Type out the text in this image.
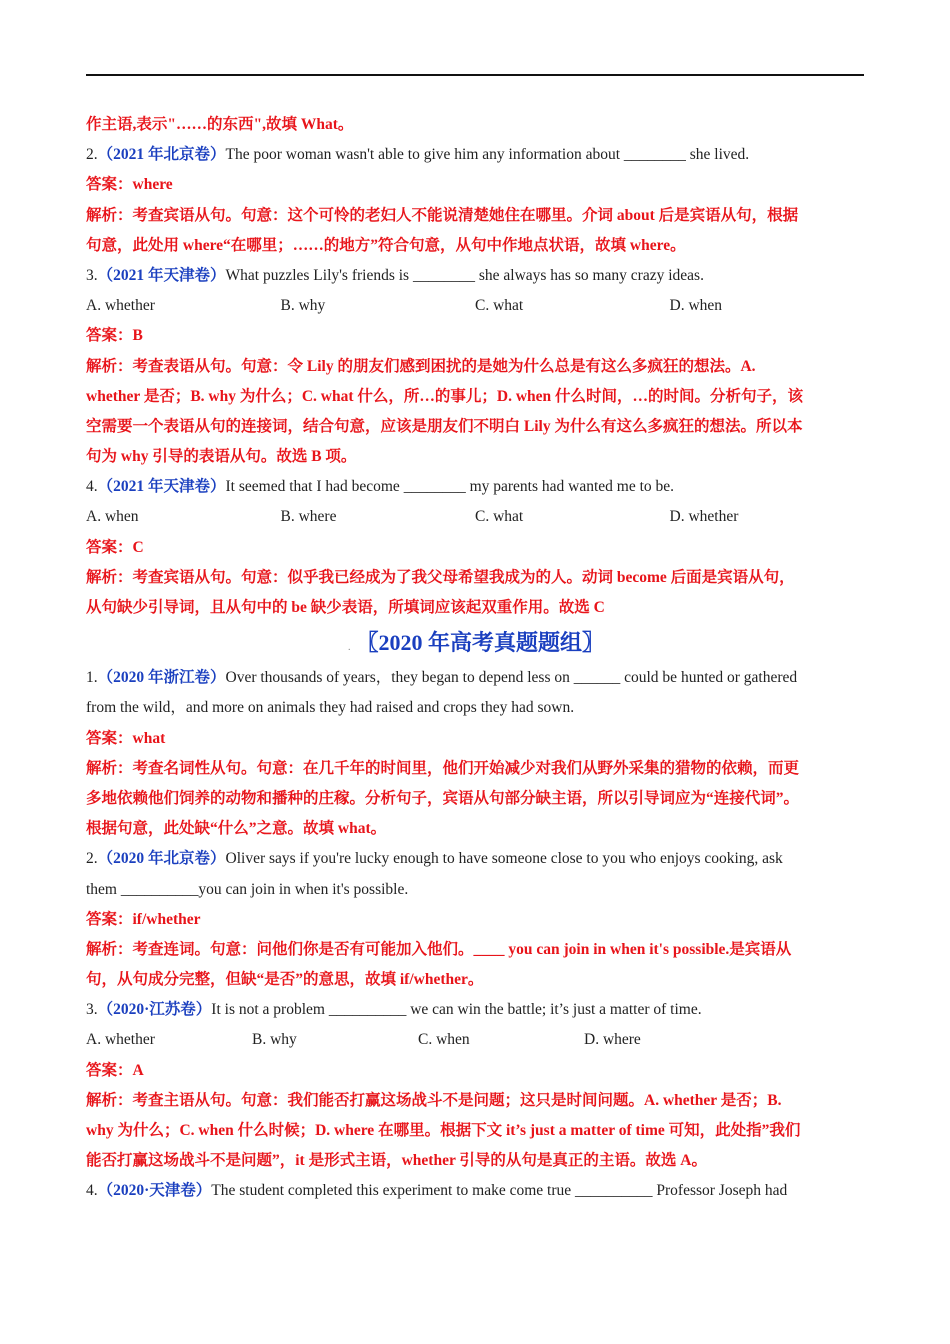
作主语,表示"……的东西",故填 What。
2.（2021 年北京卷）The poor woman wasn't able to give him any information about ________ she lived.
答案：where
解析：考查宾语从句。句意：这个可怜的老妇人不能说清楚她住在哪里。介词 about 后是宾语从句，根据
句意，此处用 where“在哪里；……的地方”符合句意，从句中作地点状语，故填 where。
3.（2021 年天津卷）What puzzles Lily's friends is ________ she always has so many crazy ideas.
A. whether	B. why	C. what	D. when
答案：B
解析：考查表语从句。句意：令 Lily 的朋友们感到困扰的是她为什么总是有这么多疯狂的想法。A.
whether 是否；B. why 为什么；C. what 什么，所…的事儿；D. when 什么时间，…的时间。分析句子，该
空需要一个表语从句的连接词，结合句意，应该是朋友们不明白 Lily 为什么有这么多疯狂的想法。所以本
句为 why 引导的表语从句。故选 B 项。
4.（2021 年天津卷）It seemed that I had become ________ my parents had wanted me to be.
A. when	B. where	C. what	D. whether
答案：C
解析：考查宾语从句。句意：似乎我已经成为了我父母希望我成为的人。动词 become 后面是宾语从句，
从句缺少引导词，且从句中的 be 缺少表语，所填词应该起双重作用。故选 C
. 〖2020 年高考真题题组〗
1.（2020 年浙江卷）Over thousands of years，they began to depend less on ______ could be hunted or gathered
from the wild，and more on animals they had raised and crops they had sown.
答案：what
解析：考查名词性从句。句意：在几千年的时间里，他们开始减少对我们从野外采集的猎物的依赖，而更
多地依赖他们饲养的动物和播种的庄稼。分析句子，宾语从句部分缺主语，所以引导词应为“连接代词”。
根据句意，此处缺“什么”之意。故填 what。
2.（2020 年北京卷）Oliver says if you're lucky enough to have someone close to you who enjoys cooking, ask
them __________you can join in when it's possible.
答案：if/whether
解析：考查连词。句意：问他们你是否有可能加入他们。____ you can join in when it's possible.是宾语从
句，从句成分完整，但缺“是否”的意思，故填 if/whether。
3.（2020·江苏卷）It is not a problem __________ we can win the battle; it’s just a matter of time.
A. whether	B. why	C. when	D. where
答案：A
解析：考查主语从句。句意：我们能否打赢这场战斗不是问题；这只是时间问题。A. whether 是否；B.
why 为什么；C. when 什么时候；D. where 在哪里。根据下文 it’s just a matter of time 可知，此处指”我们
能否打赢这场战斗不是问题”，it 是形式主语，whether 引导的从句是真正的主语。故选 A。
4.（2020·天津卷）The student completed this experiment to make come true __________ Professor Joseph had
